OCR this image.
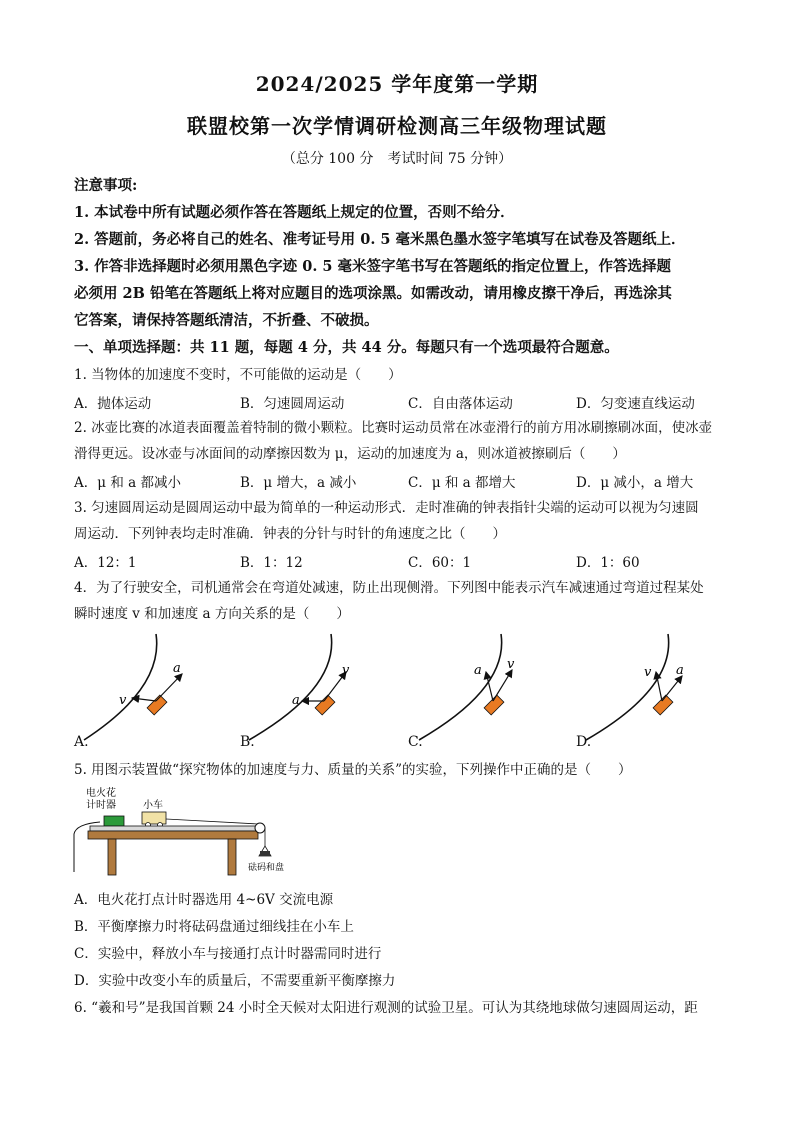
2024/2025 学年度第一学期
联盟校第一次学情调研检测高三年级物理试题
（总分 100 分　考试时间 75 分钟）
注意事项:
1. 本试卷中所有试题必须作答在答题纸上规定的位置，否则不给分．
2. 答题前，务必将自己的姓名、准考证号用 0. 5 毫米黑色墨水签字笔填写在试卷及答题纸上．
3. 作答非选择题时必须用黑色字迹 0. 5 毫米签字笔书写在答题纸的指定位置上，作答选择题
必须用 2B 铅笔在答题纸上将对应题目的选项涂黑。如需改动，请用橡皮擦干净后，再选涂其
它答案，请保持答题纸清洁，不折叠、不破损。
一、单项选择题：共 11 题，每题 4 分，共 44 分。每题只有一个选项最符合题意。
1. 当物体的加速度不变时，不可能做的运动是（　　）
A．抛体运动	B．匀速圆周运动	C．自由落体运动	D．匀变速直线运动
2. 冰壶比赛的冰道表面覆盖着特制的微小颗粒。比赛时运动员常在冰壶滑行的前方用冰刷擦刷冰面，使冰壶
滑得更远。设冰壶与冰面间的动摩擦因数为 μ，运动的加速度为 a，则冰道被擦刷后（　　）
A．μ 和 a 都减小	B．μ 增大，a 减小	C．μ 和 a 都增大	D．μ 减小，a 增大
3. 匀速圆周运动是圆周运动中最为简单的一种运动形式．走时准确的钟表指针尖端的运动可以视为匀速圆
周运动．下列钟表均走时准确．钟表的分针与时针的角速度之比（　　）
A．12：1	B．1：12	C．60：1	D．1：60
4．为了行驶安全，司机通常会在弯道处减速，防止出现侧滑。下列图中能表示汽车减速通过弯道过程某处
瞬时速度 v 和加速度 a 方向关系的是（　　）
a
v
v
a
v
a	a
v
A.	B.	C.	D.
5. 用图示装置做“探究物体的加速度与力、质量的关系”的实验，下列操作中正确的是（　　）
电火花
计时器	小车
砝码和盘
A．电火花打点计时器选用 4~6V 交流电源
B．平衡摩擦力时将砝码盘通过细线挂在小车上
C．实验中，释放小车与接通打点计时器需同时进行
D．实验中改变小车的质量后，不需要重新平衡摩擦力
6. “羲和号”是我国首颗 24 小时全天候对太阳进行观测的试验卫星。可认为其绕地球做匀速圆周运动，距
